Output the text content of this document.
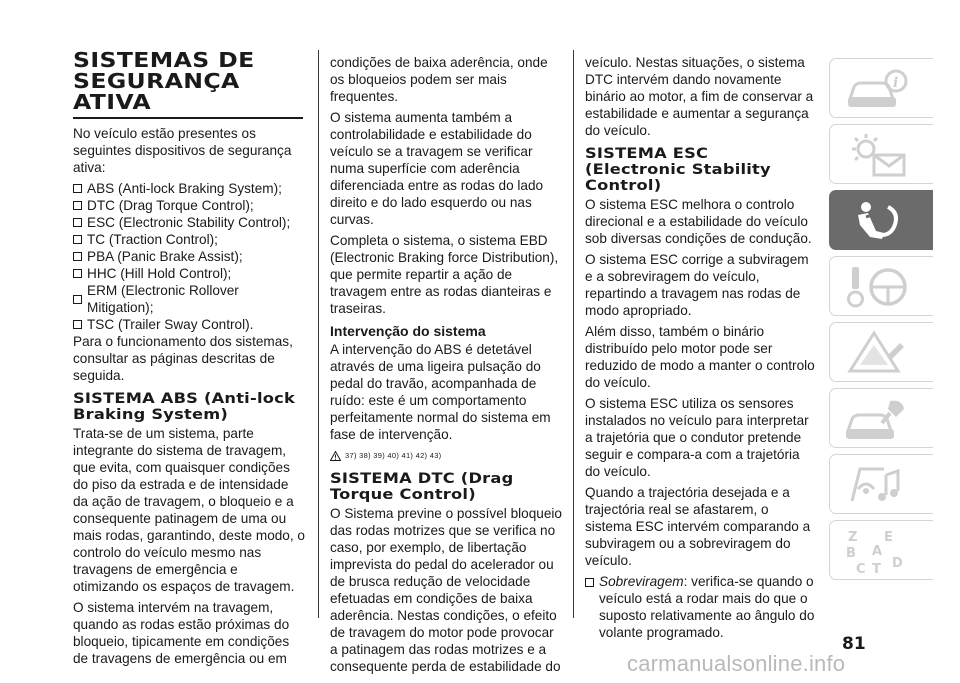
SISTEMAS DE
SEGURANÇA ATIVA

No veículo estão presentes os seguintes dispositivos de segurança ativa:

ABS (Anti-lock Braking System);
DTC (Drag Torque Control);
ESC (Electronic Stability Control);
TC (Traction Control);
PBA (Panic Brake Assist);
HHC (Hill Hold Control);
ERM (Electronic Rollover Mitigation);
TSC (Trailer Sway Control).

Para o funcionamento dos sistemas, consultar as páginas descritas de seguida.

SISTEMA ABS (Anti-lock Braking System)

Trata-se de um sistema, parte integrante do sistema de travagem, que evita, com quaisquer condições do piso da estrada e de intensidade da ação de travagem, o bloqueio e a consequente patinagem de uma ou mais rodas, garantindo, deste modo, o controlo do veículo mesmo nas travagens de emergência e otimizando os espaços de travagem.

O sistema intervém na travagem, quando as rodas estão próximas do bloqueio, tipicamente em condições de travagens de emergência ou em

condições de baixa aderência, onde os bloqueios podem ser mais frequentes.

O sistema aumenta também a controlabilidade e estabilidade do veículo se a travagem se verificar numa superfície com aderência diferenciada entre as rodas do lado direito e do lado esquerdo ou nas curvas.

Completa o sistema, o sistema EBD (Electronic Braking force Distribution), que permite repartir a ação de travagem entre as rodas dianteiras e traseiras.

Intervenção do sistema

A intervenção do ABS é detetável através de uma ligeira pulsação do pedal do travão, acompanhada de ruído: este é um comportamento perfeitamente normal do sistema em fase de intervenção.

37) 38) 39) 40) 41) 42) 43)
SISTEMA DTC (Drag Torque Control)

O Sistema previne o possível bloqueio das rodas motrizes que se verifica no caso, por exemplo, de libertação imprevista do pedal do acelerador ou de brusca redução de velocidade efetuadas em condições de baixa aderência. Nestas condições, o efeito de travagem do motor pode provocar a patinagem das rodas motrizes e a consequente perda de estabilidade do

veículo. Nestas situações, o sistema DTC intervém dando novamente binário ao motor, a fim de conservar a estabilidade e aumentar a segurança do veículo.

SISTEMA ESC (Electronic Stability Control)

O sistema ESC melhora o controlo direcional e a estabilidade do veículo sob diversas condições de condução.

O sistema ESC corrige a subviragem e a sobreviragem do veículo, repartindo a travagem nas rodas de modo apropriado.

Além disso, também o binário distribuído pelo motor pode ser reduzido de modo a manter o controlo do veículo.

O sistema ESC utiliza os sensores instalados no veículo para interpretar a trajetória que o condutor pretende seguir e compara-a com a trajetória do veículo.

Quando a trajectória desejada e a trajectória real se afastarem, o sistema ESC intervém comparando a subviragem ou a sobreviragem do veículo.

Sobreviragem: verifica-se quando o veículo está a rodar mais do que o suposto relativamente ao ângulo do volante programado.
i
Z E
B A
C T D
81
carmanualsonline.info
